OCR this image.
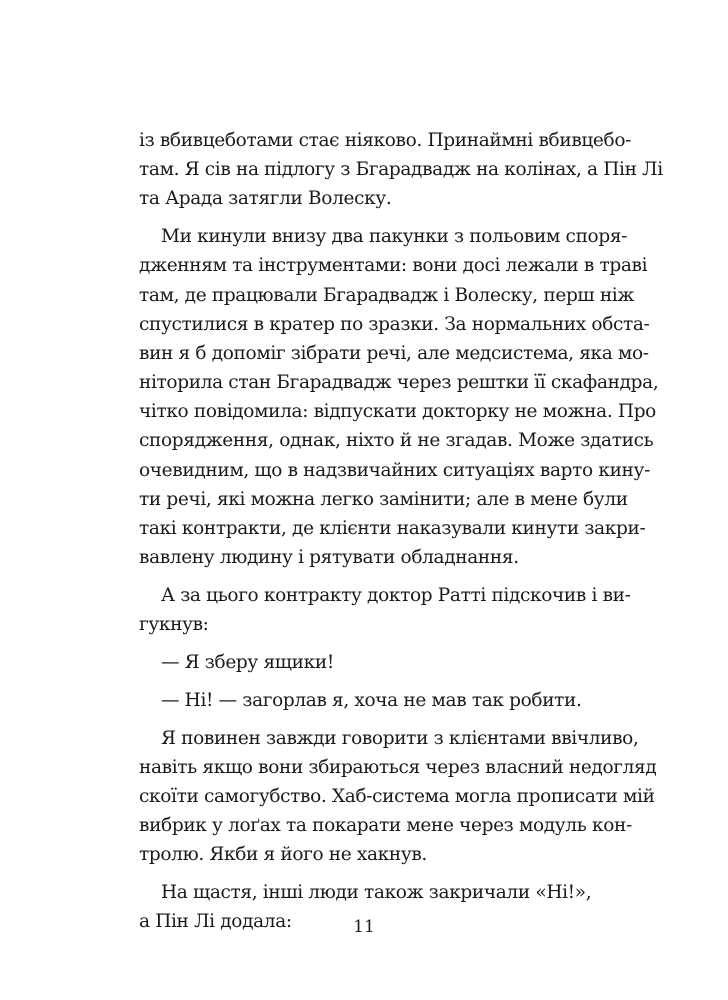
із вбивцеботами стає ніяково. Принаймні вбивцебо-
там. Я сів на підлогу з Бгарадвадж на колінах, а Пін Лі
та Арада затягли Волеску.

Ми кинули внизу два пакунки з польовим споря-
дженням та інструментами: вони досі лежали в траві
там, де працювали Бгарадвадж і Волеску, перш ніж
спустилися в кратер по зразки. За нормальних обста-
вин я б допоміг зібрати речі, але медсистема, яка мо-
ніторила стан Бгарадвадж через рештки її скафандра,
чітко повідомила: відпускати докторку не можна. Про
спорядження, однак, ніхто й не згадав. Може здатись
очевидним, що в надзвичайних ситуаціях варто кину-
ти речі, які можна легко замінити; але в мене були
такі контракти, де клієнти наказували кинути закри-
вавлену людину і рятувати обладнання.

А за цього контракту доктор Ратті підскочив і ви-
гукнув:

— Я зберу ящики!

— Ні! — загорлав я, хоча не мав так робити.

Я повинен завжди говорити з клієнтами ввічливо,
навіть якщо вони збираються через власний недогляд
скоїти самогубство. Хаб-система могла прописати мій
вибрик у лоґах та покарати мене через модуль кон-
тролю. Якби я його не хакнув.

На щастя, інші люди також закричали «Ні!»,
а Пін Лі додала:	11
